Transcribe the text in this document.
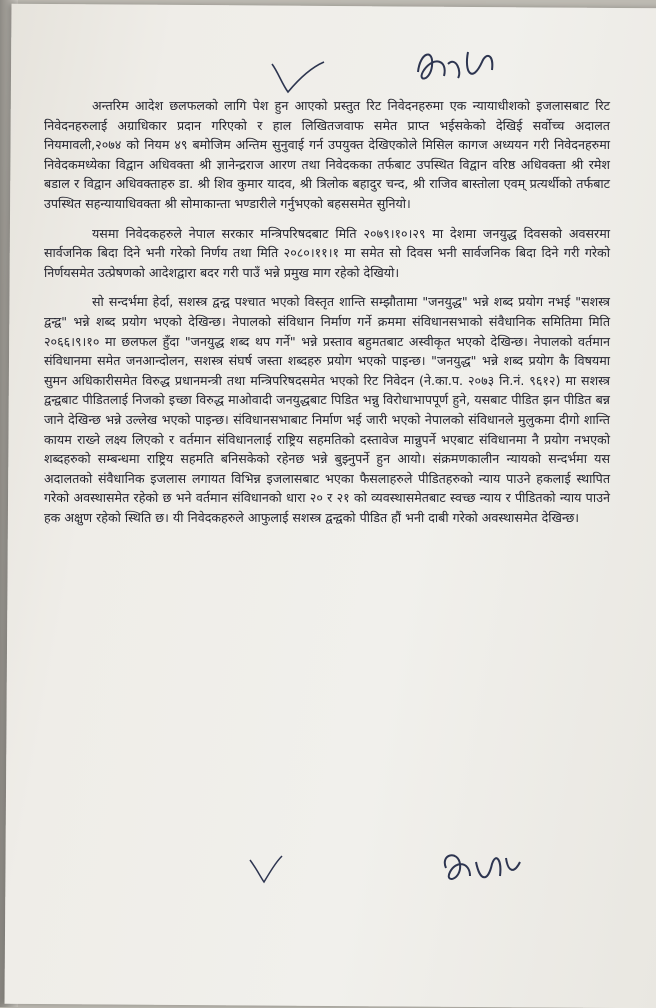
अन्तरिम आदेश छलफलको लागि पेश हुन आएको प्रस्तुत रिट निवेदनहरुमा एक न्यायाधीशको इजलासबाट रिट निवेदनहरुलाई अग्राधिकार प्रदान गरिएको र हाल लिखितजवाफ समेत प्राप्त भईसकेको देखिई सर्वोच्च अदालत नियमावली,२०७४ को नियम ४९ बमोजिम अन्तिम सुनुवाई गर्न उपयुक्त देखिएकोले मिसिल कागज अध्ययन गरी निवेदनहरुमा निवेदकमध्येका विद्वान अधिवक्ता श्री ज्ञानेन्द्रराज आरण तथा निवेदकका तर्फबाट उपस्थित विद्वान वरिष्ठ अधिवक्ता श्री रमेश बडाल र विद्वान अधिवक्ताहरु डा. श्री शिव कुमार यादव, श्री त्रिलोक बहादुर चन्द, श्री राजिव बास्तोला एवम् प्रत्यर्थीको तर्फबाट उपस्थित सहन्यायाधिवक्ता श्री सोमाकान्ता भण्डारीले गर्नुभएको बहससमेत सुनियो।

यसमा निवेदकहरुले नेपाल सरकार मन्त्रिपरिषदबाट मिति २०७९।१०।२९ मा देशमा जनयुद्ध दिवसको अवसरमा सार्वजनिक बिदा दिने भनी गरेको निर्णय तथा मिति २०८०।११।१ मा समेत सो दिवस भनी सार्वजनिक बिदा दिने गरी गरेको निर्णयसमेत उत्प्रेषणको आदेशद्वारा बदर गरी पाउँ भन्ने प्रमुख माग रहेको देखियो।

सो सन्दर्भमा हेर्दा, सशस्त्र द्वन्द्व पश्चात भएको विस्तृत शान्ति सम्झौतामा "जनयुद्ध" भन्ने शब्द प्रयोग नभई "सशस्त्र द्वन्द्व" भन्ने शब्द प्रयोग भएको देखिन्छ। नेपालको संविधान निर्माण गर्ने क्रममा संविधानसभाको संवैधानिक समितिमा मिति २०६६।९।१० मा छलफल हुँदा "जनयुद्ध शब्द थप गर्ने" भन्ने प्रस्ताव बहुमतबाट अस्वीकृत भएको देखिन्छ। नेपालको वर्तमान संविधानमा समेत जनआन्दोलन, सशस्त्र संघर्ष जस्ता शब्दहरु प्रयोग भएको पाइन्छ। "जनयुद्ध" भन्ने शब्द प्रयोग कै विषयमा सुमन अधिकारीसमेत विरुद्ध प्रधानमन्त्री तथा मन्त्रिपरिषदसमेत भएको रिट निवेदन (ने.का.प. २०७३ नि.नं. ९६१२) मा सशस्त्र द्वन्द्वबाट पीडितलाई निजको इच्छा विरुद्ध माओवादी जनयुद्धबाट पिडित भन्नु विरोधाभापपूर्ण हुने, यसबाट पीडित झन पीडित बन्न जाने देखिन्छ भन्ने उल्लेख भएको पाइन्छ। संविधानसभाबाट निर्माण भई जारी भएको नेपालको संविधानले मुलुकमा दीगो शान्ति कायम राख्ने लक्ष्य लिएको र वर्तमान संविधानलाई राष्ट्रिय सहमतिको दस्तावेज मान्नुपर्ने भएबाट संविधानमा नै प्रयोग नभएको शब्दहरुको सम्बन्धमा राष्ट्रिय सहमति बनिसकेको रहेनछ भन्ने बुझ्नुपर्ने हुन आयो। संक्रमणकालीन न्यायको सन्दर्भमा यस अदालतको संवैधानिक इजलास लगायत विभिन्न इजलासबाट भएका फैसलाहरुले पीडितहरुको न्याय पाउने हकलाई स्थापित गरेको अवस्थासमेत रहेको छ भने वर्तमान संविधानको धारा २० र २१ को व्यवस्थासमेतबाट स्वच्छ न्याय र पीडितको न्याय पाउने हक अक्षुण रहेको स्थिति छ। यी निवेदकहरुले आफुलाई सशस्त्र द्वन्द्वको पीडित हौं भनी दाबी गरेको अवस्थासमेत देखिन्छ।
